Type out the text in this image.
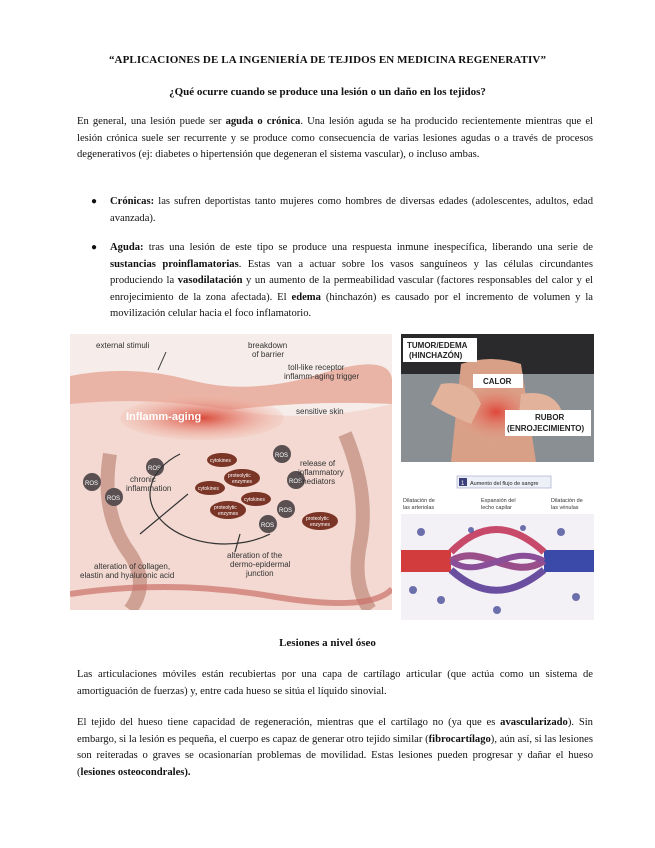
“APLICACIONES DE LA INGENIERÍA DE TEJIDOS EN MEDICINA REGENERATIV”
¿Qué ocurre cuando se produce una lesión o un daño en los tejidos?
En general, una lesión puede ser aguda o crónica. Una lesión aguda se ha producido recientemente mientras que el lesión crónica suele ser recurrente y se produce como consecuencia de varias lesiones agudas o a través de procesos degenerativos (ej: diabetes o hipertensión que degeneran el sistema vascular), o incluso ambas.
● Crónicas: las sufren deportistas tanto mujeres como hombres de diversas edades (adolescentes, adultos, edad avanzada).
● Aguda: tras una lesión de este tipo se produce una respuesta inmune inespecífica, liberando una serie de sustancias proinflamatorias. Estas van a actuar sobre los vasos sanguíneos y las células circundantes produciendo la vasodilatación y un aumento de la permeabilidad vascular (factores responsables del calor y el enrojecimiento de la zona afectada). El edema (hinchazón) es causado por el incremento de volumen y la movilización celular hacia el foco inflamatorio.
external stimuli	breakdown
of barrier
toll-like receptor
inflamm-aging trigger
Inflamm-aging	sensitive skin
ROS
ROS
ROS
ROS
ROS
ROS
ROS
cytokines
proteolytic
enzymes
cytokines
cytokines
proteolytic
enzymes
proteolytic
enzymes
chronic
inflammation
release of
inflammatory
mediators
alteration of collagen,
elastin and hyaluronic acid
alteration of the
dermo-epidermal
junction
TUMOR/EDEMA
(HINCHAZÓN)
CALOR
RUBOR
(ENROJECIMIENTO)
1 Aumento del flujo de sangre
Dilatación de
las arteriolas
Expansión del
lecho capilar
Dilatación de
las vénulas
Lesiones a nivel óseo
Las articulaciones móviles están recubiertas por una capa de cartílago articular (que actúa como un sistema de amortiguación de fuerzas) y, entre cada hueso se sitúa el líquido sinovial.
El tejido del hueso tiene capacidad de regeneración, mientras que el cartílago no (ya que es avascularizado). Sin embargo, si la lesión es pequeña, el cuerpo es capaz de generar otro tejido similar (fibrocartílago), aún así, si las lesiones son reiteradas o graves se ocasionarían problemas de movilidad. Estas lesiones pueden progresar y dañar el hueso (lesiones osteocondrales).
